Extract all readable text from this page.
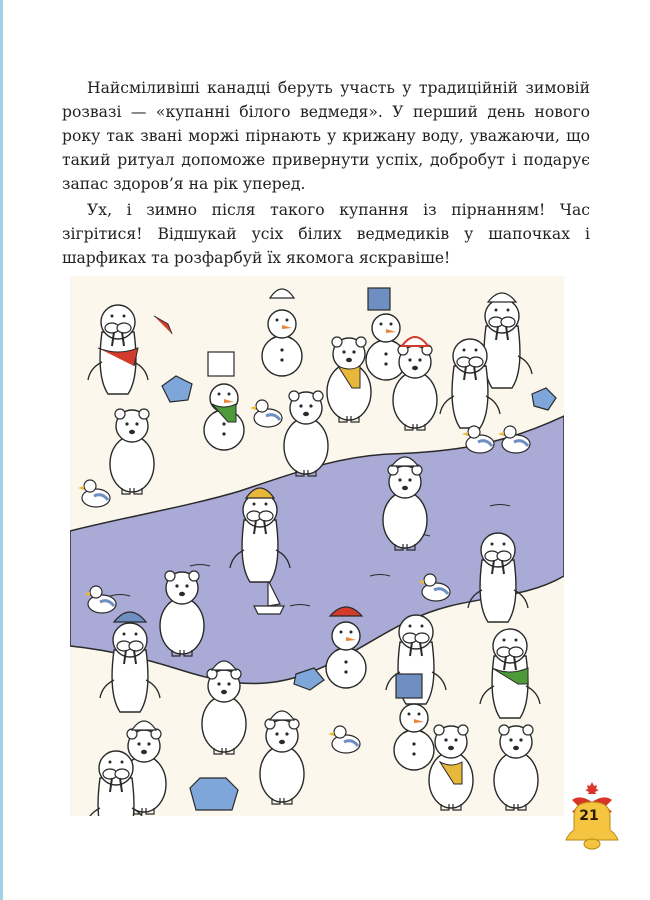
Найсміливіші канадці беруть участь у традиційній зимовій розвазі — «купанні білого ведмедя». У перший день нового року так звані моржі пірнають у крижану воду, уважаючи, що такий ритуал допоможе привернути успіх, добробут і подарує запас здоров’я на рік уперед.

Ух, і зимно після такого купання із пірнанням! Час зігрітися! Відшукай усіх білих ведмедиків у шапочках і шарфиках та розфарбуй їх якомога яскравіше!

21
